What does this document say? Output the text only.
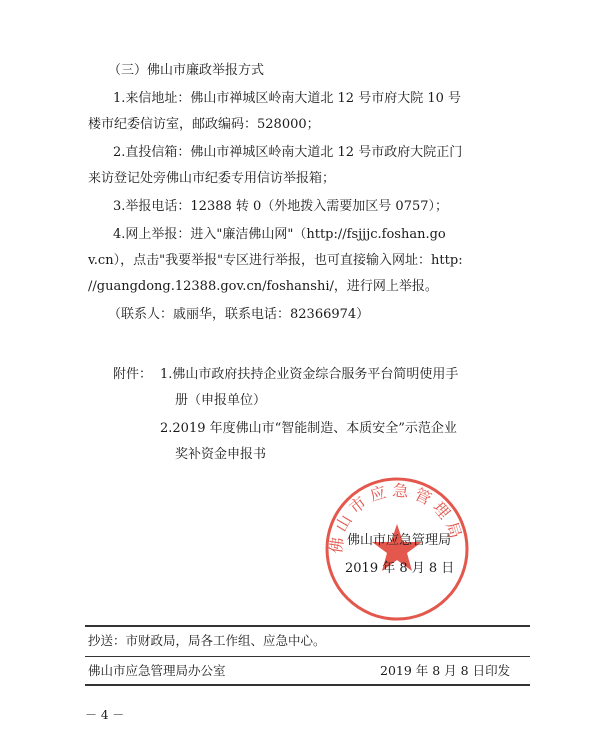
（三）佛山市廉政举报方式
1.来信地址：佛山市禅城区岭南大道北 12 号市府大院 10 号
楼市纪委信访室，邮政编码：528000；
2.直投信箱：佛山市禅城区岭南大道北 12 号市政府大院正门
来访登记处旁佛山市纪委专用信访举报箱；
3.举报电话：12388 转 0（外地拨入需要加区号 0757）；
4.网上举报：进入"廉洁佛山网"（http://fsjjjc.foshan.go
v.cn），点击"我要举报"专区进行举报，也可直接输入网址：http:
//guangdong.12388.gov.cn/foshanshi/，进行网上举报。
（联系人：戚丽华，联系电话：82366974）
附件： 1.佛山市政府扶持企业资金综合服务平台简明使用手
册（申报单位）
2.2019 年度佛山市“智能制造、本质安全”示范企业
奖补资金申报书
佛山市应急管理局
佛山市应急管理局
2019 年 8 月 8 日
抄送：市财政局，局各工作组、应急中心。
佛山市应急管理局办公室	2019 年 8 月 8 日印发
－ 4 －
